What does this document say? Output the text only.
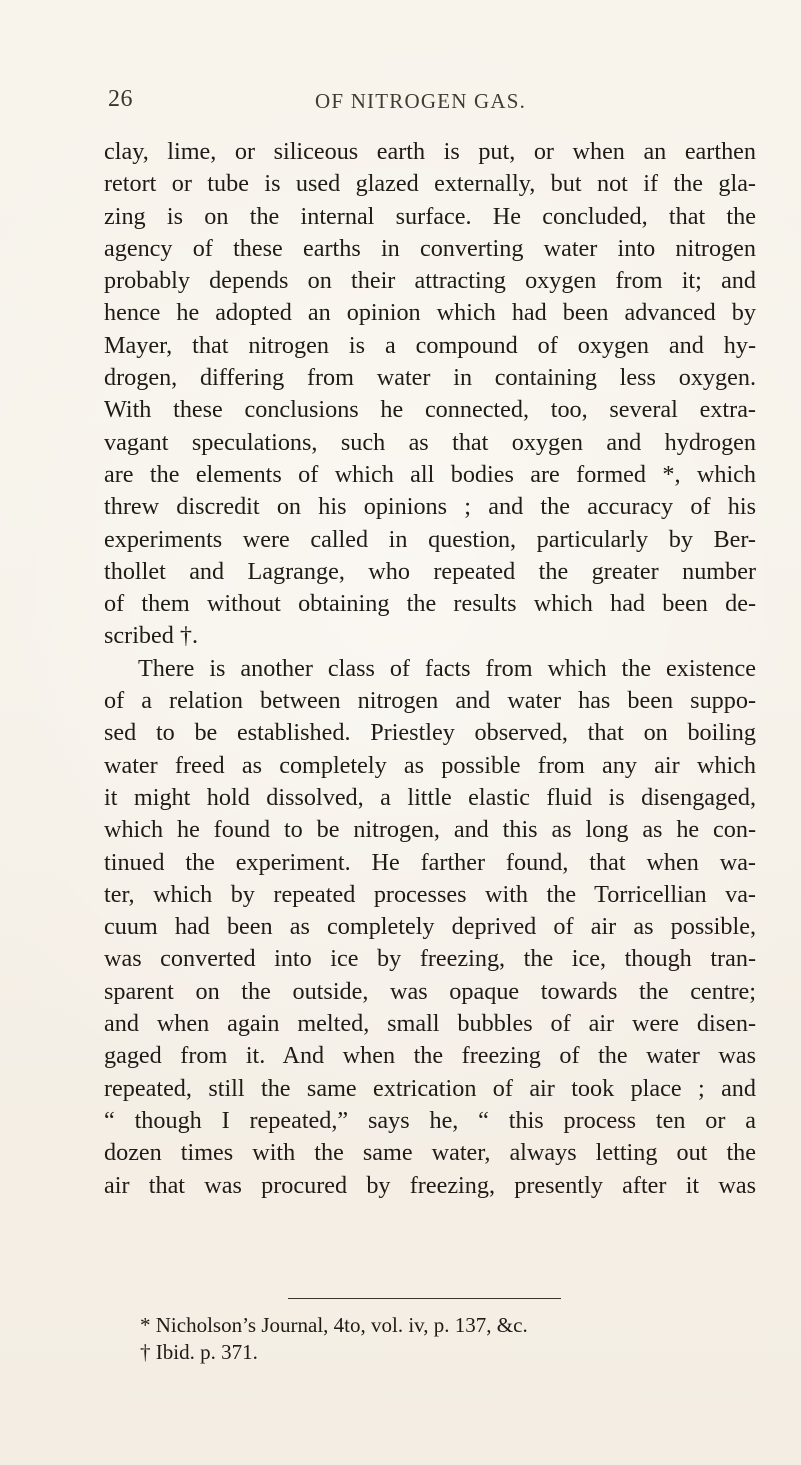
26	OF NITROGEN GAS.
clay, lime, or siliceous earth is put, or when an earthen
retort or tube is used glazed externally, but not if the gla-
zing is on the internal surface. He concluded, that the
agency of these earths in converting water into nitrogen
probably depends on their attracting oxygen from it; and
hence he adopted an opinion which had been advanced by
Mayer, that nitrogen is a compound of oxygen and hy-
drogen, differing from water in containing less oxygen.
With these conclusions he connected, too, several extra-
vagant speculations, such as that oxygen and hydrogen
are the elements of which all bodies are formed *, which
threw discredit on his opinions ; and the accuracy of his
experiments were called in question, particularly by Ber-
thollet and Lagrange, who repeated the greater number
of them without obtaining the results which had been de-
scribed †.
There is another class of facts from which the existence
of a relation between nitrogen and water has been suppo-
sed to be established. Priestley observed, that on boiling
water freed as completely as possible from any air which
it might hold dissolved, a little elastic fluid is disengaged,
which he found to be nitrogen, and this as long as he con-
tinued the experiment. He farther found, that when wa-
ter, which by repeated processes with the Torricellian va-
cuum had been as completely deprived of air as possible,
was converted into ice by freezing, the ice, though tran-
sparent on the outside, was opaque towards the centre;
and when again melted, small bubbles of air were disen-
gaged from it. And when the freezing of the water was
repeated, still the same extrication of air took place ; and
“ though I repeated,” says he, “ this process ten or a
dozen times with the same water, always letting out the
air that was procured by freezing, presently after it was
* Nicholson’s Journal, 4to, vol. iv, p. 137, &c.
† Ibid. p. 371.
